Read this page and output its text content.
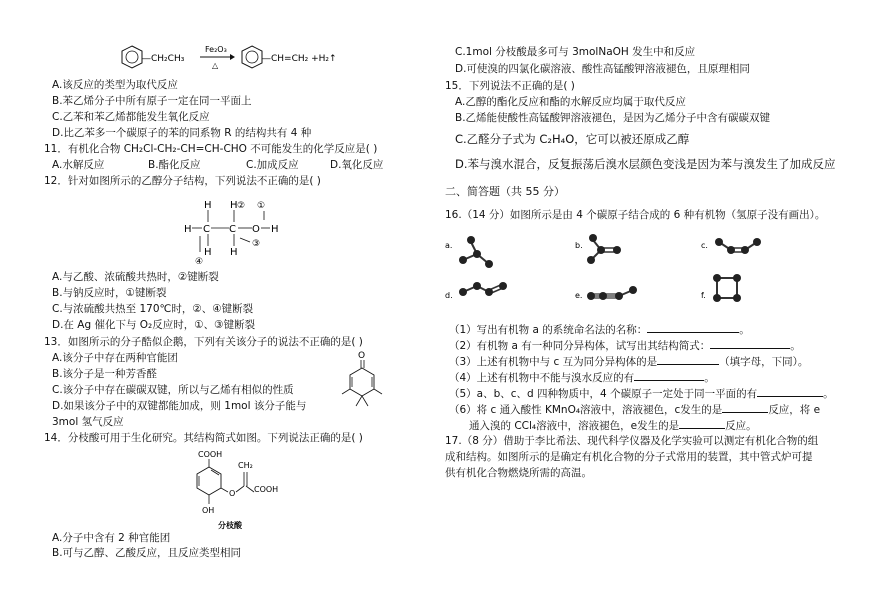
—CH₂CH₃
Fe₂O₃
△
—CH=CH₂ +H₂↑
A.该反应的类型为取代反应
B.苯乙烯分子中所有原子一定在同一平面上
C.乙苯和苯乙烯都能发生氧化反应
D.比乙苯多一个碳原子的苯的同系物 R 的结构共有 4 种
11．有机化合物 CH₂Cl-CH₂-CH=CH-CHO 不可能发生的化学反应是( )
A.水解反应	B.酯化反应	C.加成反应	D.氧化反应
12．针对如图所示的乙醇分子结构，下列说法不正确的是( )
H H ② ①
H C C O H
H H
③
④
A.与乙酸、浓硫酸共热时，②键断裂
B.与钠反应时，①键断裂
C.与浓硫酸共热至 170℃时，②、④键断裂
D.在 Ag 催化下与 O₂反应时，①、③键断裂
13．如图所示的分子酷似企鹅，下列有关该分子的说法不正确的是( )
A.该分子中存在两种官能团
B.该分子是一种芳香醛
C.该分子中存在碳碳双键，所以与乙烯有相似的性质
D.如果该分子中的双键都能加成，则 1mol 该分子能与
3mol 氢气反应
O
14．分枝酸可用于生化研究。其结构简式如图。下列说法正确的是( )
COOH
OH
O
CH₂
COOH
分枝酸
A.分子中含有 2 种官能团
B.可与乙醇、乙酸反应，且反应类型相同
C.1mol 分枝酸最多可与 3molNaOH 发生中和反应
D.可使溴的四氯化碳溶液、酸性高锰酸钾溶液褪色，且原理相同
15．下列说法不正确的是( )
A.乙醇的酯化反应和酯的水解反应均属于取代反应
B.乙烯能使酸性高锰酸钾溶液褪色，是因为乙烯分子中含有碳碳双键
C.乙醛分子式为 C₂H₄O，它可以被还原成乙醇
D.苯与溴水混合，反复振荡后溴水层颜色变浅是因为苯与溴发生了加成反应
二、简答题（共 55 分）
16.（14 分）如图所示是由 4 个碳原子结合成的 6 种有机物（氢原子没有画出）。
a.	b.	c.
d.	e.	f.
（1）写出有机物 a 的系统命名法的名称：	。
（2）有机物 a 有一种同分异构体，试写出其结构简式：	。
（3）上述有机物中与 c 互为同分异构体的是	（填字母，下同）。
（4）上述有机物中不能与溴水反应的有	。
（5）a、b、c、d 四种物质中，4 个碳原子一定处于同一平面的有	。
（6）将 c 通入酸性 KMnO₄溶液中，溶液褪色，c发生的是	反应，将 e
通入溴的 CCl₄溶液中，溶液褪色，e发生的是	反应。
17.（8 分）借助于李比希法、现代科学仪器及化学实验可以测定有机化合物的组
成和结构。如图所示的是确定有机化合物的分子式常用的装置，其中管式炉可提
供有机化合物燃烧所需的高温。
